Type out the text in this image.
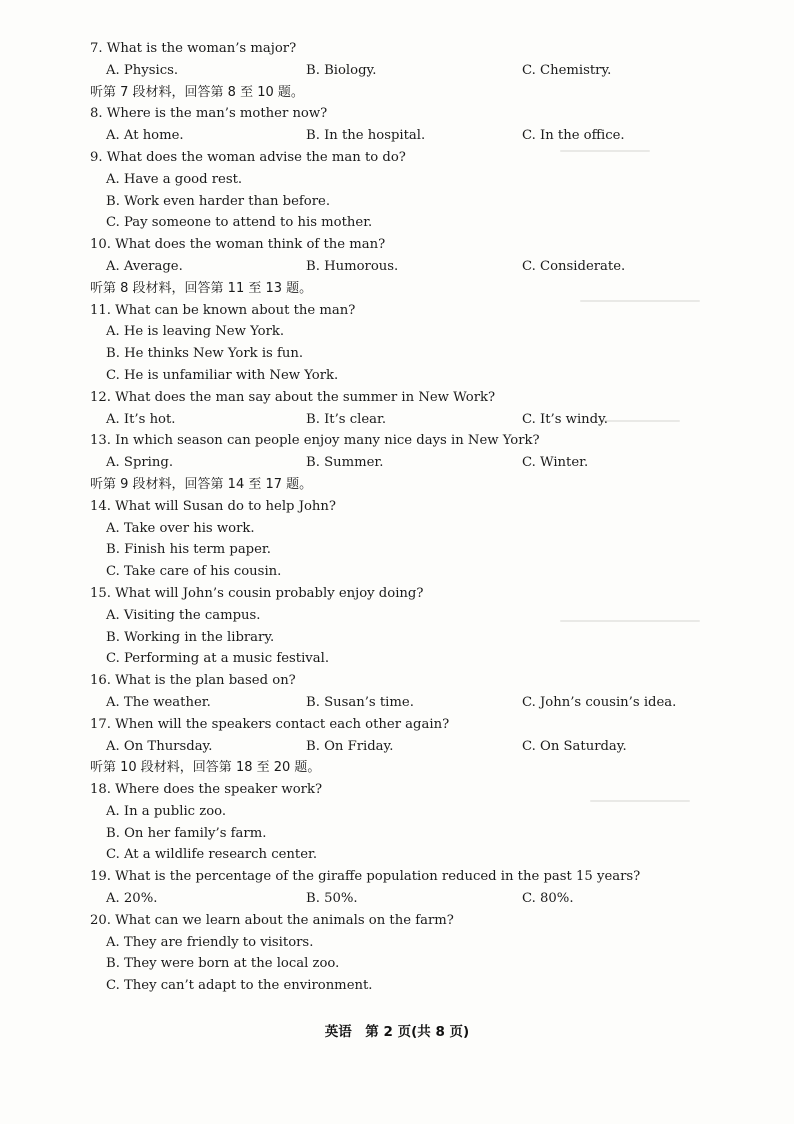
7. What is the woman’s major?
A. Physics.	B. Biology.	C. Chemistry.
听第 7 段材料，回答第 8 至 10 题。
8. Where is the man’s mother now?
A. At home.	B. In the hospital.	C. In the office.
9. What does the woman advise the man to do?
A. Have a good rest.
B. Work even harder than before.
C. Pay someone to attend to his mother.
10. What does the woman think of the man?
A. Average.	B. Humorous.	C. Considerate.
听第 8 段材料，回答第 11 至 13 题。
11. What can be known about the man?
A. He is leaving New York.
B. He thinks New York is fun.
C. He is unfamiliar with New York.
12. What does the man say about the summer in New Work?
A. It’s hot.	B. It’s clear.	C. It’s windy.
13. In which season can people enjoy many nice days in New York?
A. Spring.	B. Summer.	C. Winter.
听第 9 段材料，回答第 14 至 17 题。
14. What will Susan do to help John?
A. Take over his work.
B. Finish his term paper.
C. Take care of his cousin.
15. What will John’s cousin probably enjoy doing?
A. Visiting the campus.
B. Working in the library.
C. Performing at a music festival.
16. What is the plan based on?
A. The weather.	B. Susan’s time.	C. John’s cousin’s idea.
17. When will the speakers contact each other again?
A. On Thursday.	B. On Friday.	C. On Saturday.
听第 10 段材料，回答第 18 至 20 题。
18. Where does the speaker work?
A. In a public zoo.
B. On her family’s farm.
C. At a wildlife research center.
19. What is the percentage of the giraffe population reduced in the past 15 years?
A. 20%.	B. 50%.	C. 80%.
20. What can we learn about the animals on the farm?
A. They are friendly to visitors.
B. They were born at the local zoo.
C. They can’t adapt to the environment.
英语　第 2 页(共 8 页)
